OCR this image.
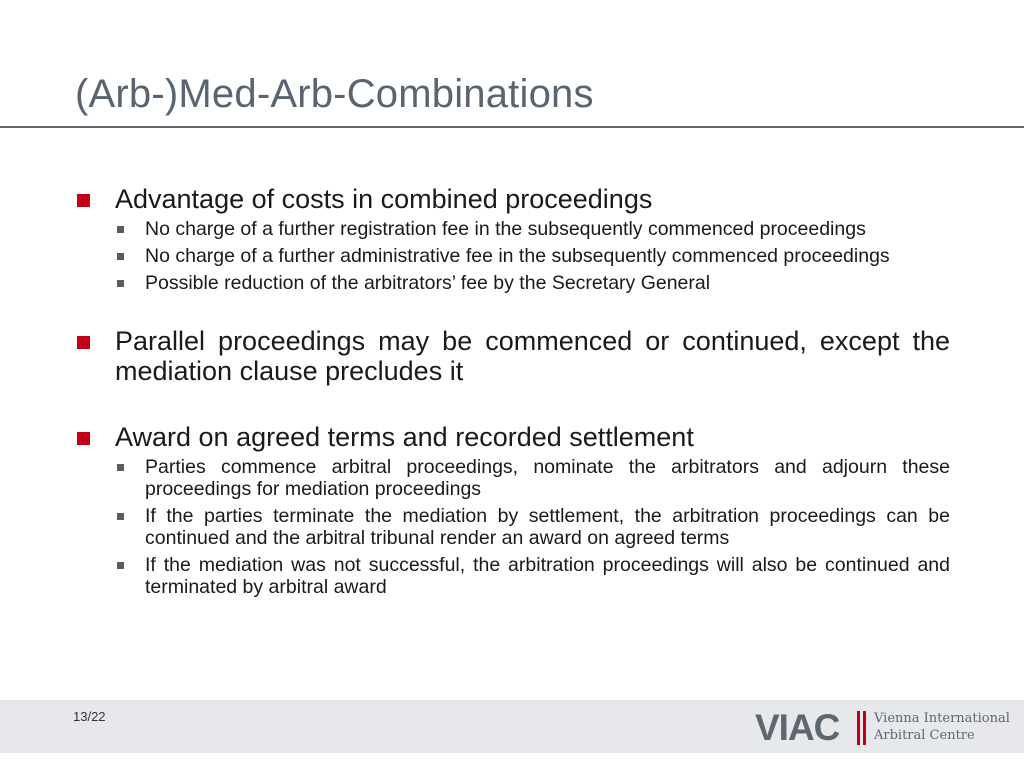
(Arb-)Med-Arb-Combinations
Advantage of costs in combined proceedings
No charge of a further registration fee in the subsequently commenced proceedings
No charge of a further administrative fee in the subsequently commenced proceedings
Possible reduction of the arbitrators’ fee by the Secretary General
Parallel proceedings may be commenced or continued, except the mediation clause precludes it
Award on agreed terms and recorded settlement
Parties commence arbitral proceedings, nominate the arbitrators and adjourn these proceedings for mediation proceedings
If the parties terminate the mediation by settlement, the arbitration proceedings can be continued and the arbitral tribunal render an award on agreed terms
If the mediation was not successful, the arbitration proceedings will also be continued and terminated by arbitral award
13/22	VIAC	Vienna International
Arbitral Centre
